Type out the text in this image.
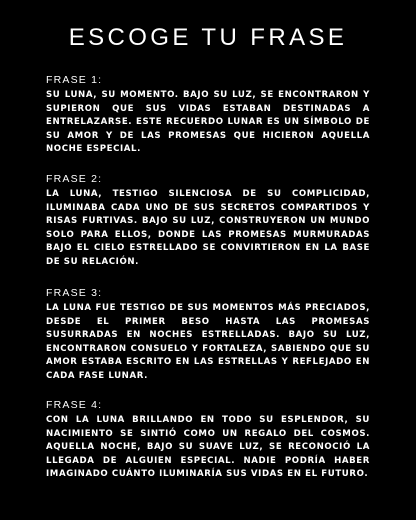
ESCOGE TU FRASE
FRASE 1:
SU LUNA, SU MOMENTO. BAJO SU LUZ, SE ENCONTRARON Y SUPIERON QUE SUS VIDAS ESTABAN DESTINADAS A ENTRELAZARSE. ESTE RECUERDO LUNAR ES UN SÍMBOLO DE SU AMOR Y DE LAS PROMESAS QUE HICIERON AQUELLA NOCHE ESPECIAL.
FRASE 2:
LA LUNA, TESTIGO SILENCIOSA DE SU COMPLICIDAD, ILUMINABA CADA UNO DE SUS SECRETOS COMPARTIDOS Y RISAS FURTIVAS. BAJO SU LUZ, CONSTRUYERON UN MUNDO SOLO PARA ELLOS, DONDE LAS PROMESAS MURMURADAS BAJO EL CIELO ESTRELLADO SE CONVIRTIERON EN LA BASE DE SU RELACIÓN.
FRASE 3:
LA LUNA FUE TESTIGO DE SUS MOMENTOS MÁS PRECIADOS, DESDE EL PRIMER BESO HASTA LAS PROMESAS SUSURRADAS EN NOCHES ESTRELLADAS. BAJO SU LUZ, ENCONTRARON CONSUELO Y FORTALEZA, SABIENDO QUE SU AMOR ESTABA ESCRITO EN LAS ESTRELLAS Y REFLEJADO EN CADA FASE LUNAR.
FRASE 4:
CON LA LUNA BRILLANDO EN TODO SU ESPLENDOR, SU NACIMIENTO SE SINTIÓ COMO UN REGALO DEL COSMOS. AQUELLA NOCHE, BAJO SU SUAVE LUZ, SE RECONOCIÓ LA LLEGADA DE ALGUIEN ESPECIAL. NADIE PODRÍA HABER IMAGINADO CUÁNTO ILUMINARÍA SUS VIDAS EN EL FUTURO.
